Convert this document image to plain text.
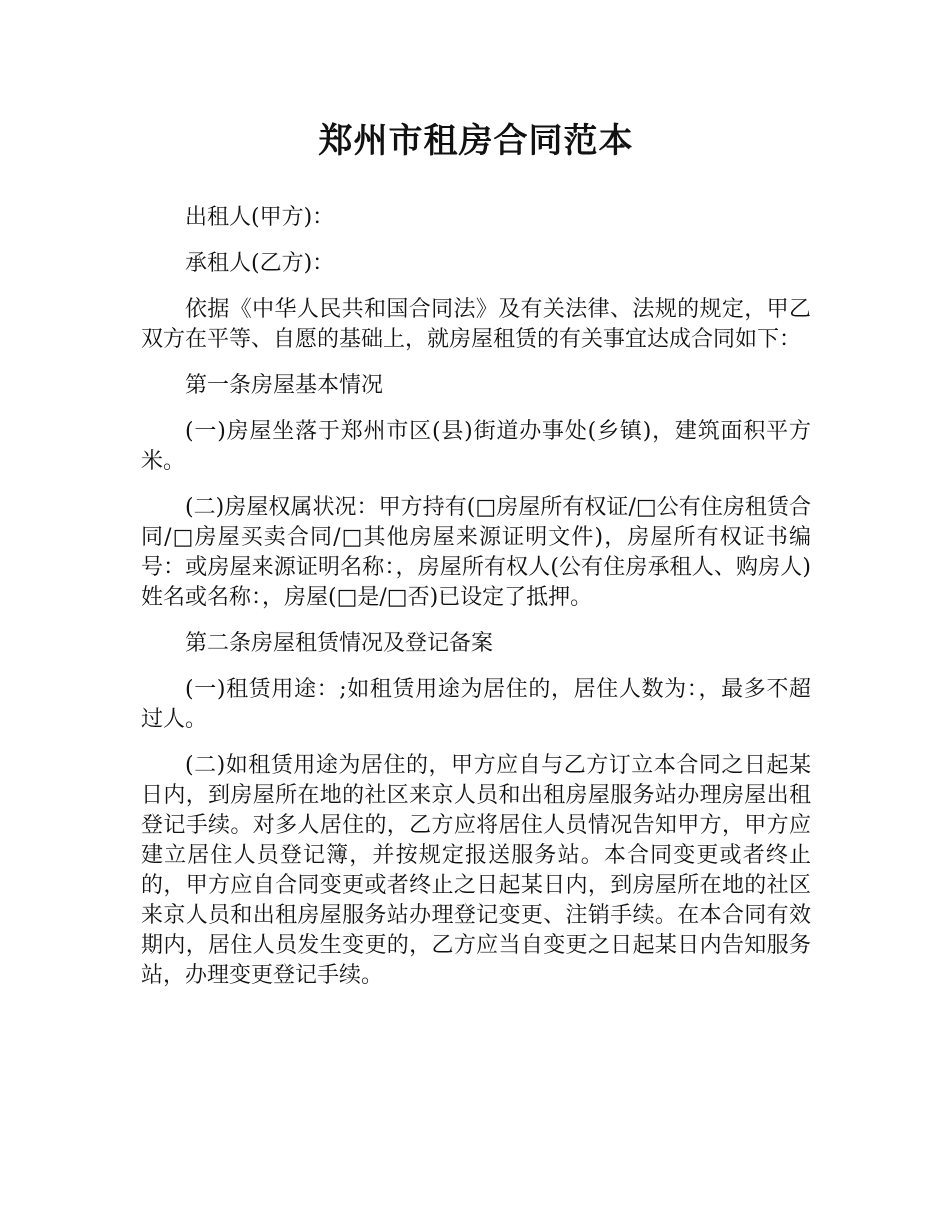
郑州市租房合同范本

出租人(甲方)：

承租人(乙方)：

依据《中华人民共和国合同法》及有关法律、法规的规定，甲乙双方在平等、自愿的基础上，就房屋租赁的有关事宜达成合同如下：

第一条房屋基本情况

(一)房屋坐落于郑州市区(县)街道办事处(乡镇)，建筑面积平方米。

(二)房屋权属状况：甲方持有(□房屋所有权证/□公有住房租赁合同/□房屋买卖合同/□其他房屋来源证明文件)，房屋所有权证书编号：或房屋来源证明名称：，房屋所有权人(公有住房承租人、购房人)姓名或名称：，房屋(□是/□否)已设定了抵押。

第二条房屋租赁情况及登记备案

(一)租赁用途：;如租赁用途为居住的，居住人数为：，最多不超过人。

(二)如租赁用途为居住的，甲方应自与乙方订立本合同之日起某日内，到房屋所在地的社区来京人员和出租房屋服务站办理房屋出租登记手续。对多人居住的，乙方应将居住人员情况告知甲方，甲方应建立居住人员登记簿，并按规定报送服务站。本合同变更或者终止的，甲方应自合同变更或者终止之日起某日内，到房屋所在地的社区来京人员和出租房屋服务站办理登记变更、注销手续。在本合同有效期内，居住人员发生变更的，乙方应当自变更之日起某日内告知服务站，办理变更登记手续。
